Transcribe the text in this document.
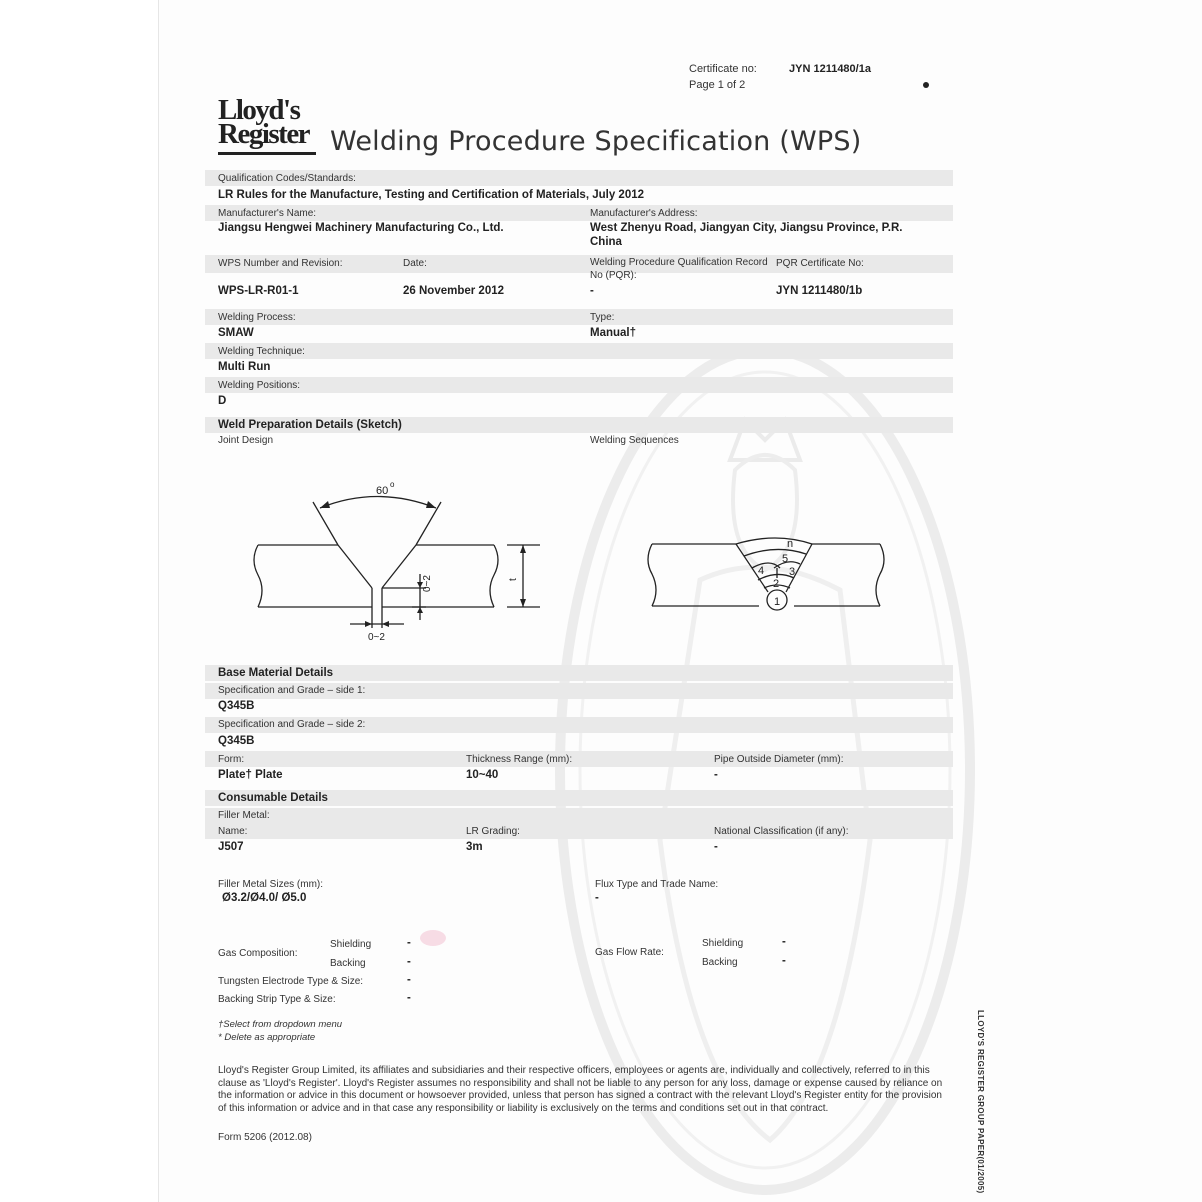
Certificate no:	JYN 1211480/1a
Page 1 of 2
Lloyd's
Register Welding Procedure Specification (WPS)
Qualification Codes/Standards:
LR Rules for the Manufacture, Testing and Certification of Materials, July 2012
Manufacturer's Name:
Jiangsu Hengwei Machinery Manufacturing Co., Ltd.
Manufacturer's Address:
West Zhenyu Road, Jiangyan City, Jiangsu Province, P.R.
China
WPS Number and Revision:
WPS-LR-R01-1
Date:
26 November 2012
Welding Procedure Qualification Record
No (PQR):
-
PQR Certificate No:
JYN 1211480/1b
Welding Process:
SMAW
Type:
Manual†
Welding Technique:
Multi Run
Welding Positions:
D
Weld Preparation Details (Sketch)
Joint Design	Welding Sequences
60
o
t
0~2
0~2
n
5
4 3
2
1
Base Material Details
Specification and Grade – side 1:
Q345B
Specification and Grade – side 2:
Q345B
Form:
Plate† Plate
Thickness Range (mm):
10~40
Pipe Outside Diameter (mm):
-
Consumable Details
Filler Metal:
Name:
J507
LR Grading:
3m
National Classification (if any):
-
Filler Metal Sizes (mm):
Ø3.2/Ø4.0/ Ø5.0
Flux Type and Trade Name:
-
Gas Composition:
Shielding	-
Backing	-
Gas Flow Rate:
Shielding	-
Backing	-
Tungsten Electrode Type & Size:	-
Backing Strip Type & Size:	-
†Select from dropdown menu
* Delete as appropriate
Lloyd's Register Group Limited, its affiliates and subsidiaries and their respective officers, employees or agents are, individually and collectively, referred to in this clause as 'Lloyd's Register'. Lloyd's Register assumes no responsibility and shall not be liable to any person for any loss, damage or expense caused by reliance on the information or advice in this document or howsoever provided, unless that person has signed a contract with the relevant Lloyd's Register entity for the provision of this information or advice and in that case any responsibility or liability is exclusively on the terms and conditions set out in that contract.
Form 5206 (2012.08)	LLOYD'S REGISTER GROUP PAPER(01/2005)
